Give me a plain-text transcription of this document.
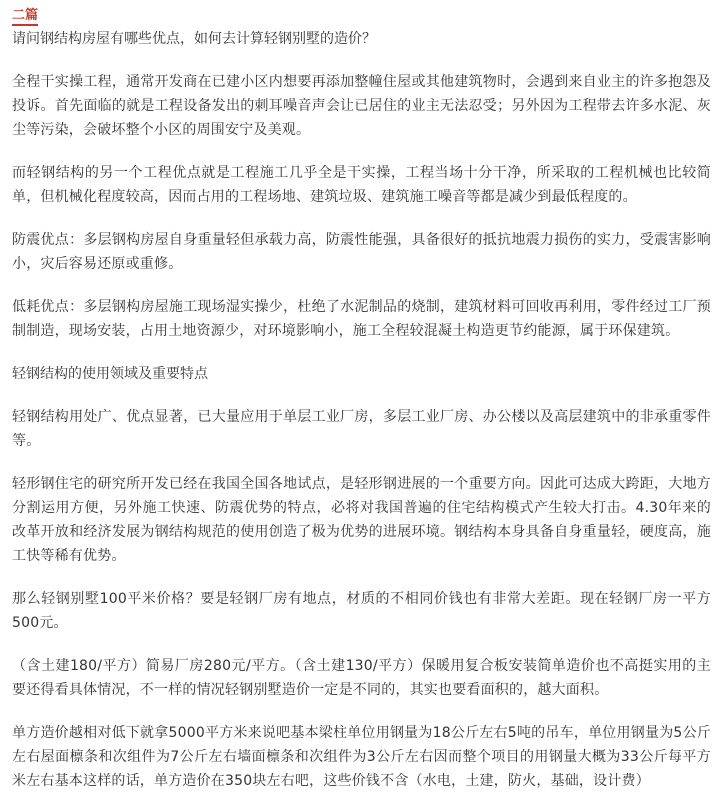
二篇

请问钢结构房屋有哪些优点，如何去计算轻钢别墅的造价？

全程干实操工程，通常开发商在已建小区内想要再添加整幢住屋或其他建筑物时，会遇到来自业主的许多抱怨及投诉。首先面临的就是工程设备发出的刺耳噪音声会让已居住的业主无法忍受；另外因为工程带去许多水泥、灰尘等污染，会破坏整个小区的周围安宁及美观。

而轻钢结构的另一个工程优点就是工程施工几乎全是干实操，工程当场十分干净，所采取的工程机械也比较简单，但机械化程度较高，因而占用的工程场地、建筑垃圾、建筑施工噪音等都是减少到最低程度的。

防震优点：多层钢构房屋自身重量轻但承载力高，防震性能强，具备很好的抵抗地震力损伤的实力，受震害影响小，灾后容易还原或重修。

低耗优点：多层钢构房屋施工现场湿实操少，杜绝了水泥制品的烧制，建筑材料可回收再利用，零件经过工厂预制制造，现场安装，占用土地资源少，对环境影响小，施工全程较混凝土构造更节约能源，属于环保建筑。

轻钢结构的使用领域及重要特点

轻钢结构用处广、优点显著，已大量应用于单层工业厂房，多层工业厂房、办公楼以及高层建筑中的非承重零件等。

轻形钢住宅的研究所开发已经在我国全国各地试点，是轻形钢进展的一个重要方向。因此可达成大跨距，大地方分割运用方便，另外施工快速、防震优势的特点，必将对我国普遍的住宅结构模式产生较大打击。4.30年来的改革开放和经济发展为钢结构规范的使用创造了极为优势的进展环境。钢结构本身具备自身重量轻，硬度高，施工快等稀有优势。

那么轻钢别墅100平米价格？要是轻钢厂房有地点，材质的不相同价钱也有非常大差距。现在轻钢厂房一平方500元。

（含土建180/平方）简易厂房280元/平方。（含土建130/平方）保暖用复合板安装简单造价也不高挺实用的主要还得看具体情况，不一样的情况轻钢别墅造价一定是不同的，其实也要看面积的，越大面积。

单方造价越相对低下就拿5000平方米来说吧基本梁柱单位用钢量为18公斤左右5吨的吊车，单位用钢量为5公斤左右屋面檩条和次组件为7公斤左右墙面檩条和次组件为3公斤左右因而整个项目的用钢量大概为33公斤每平方米左右基本这样的话，单方造价在350块左右吧，这些价钱不含（水电，土建，防火，基础，设计费）
